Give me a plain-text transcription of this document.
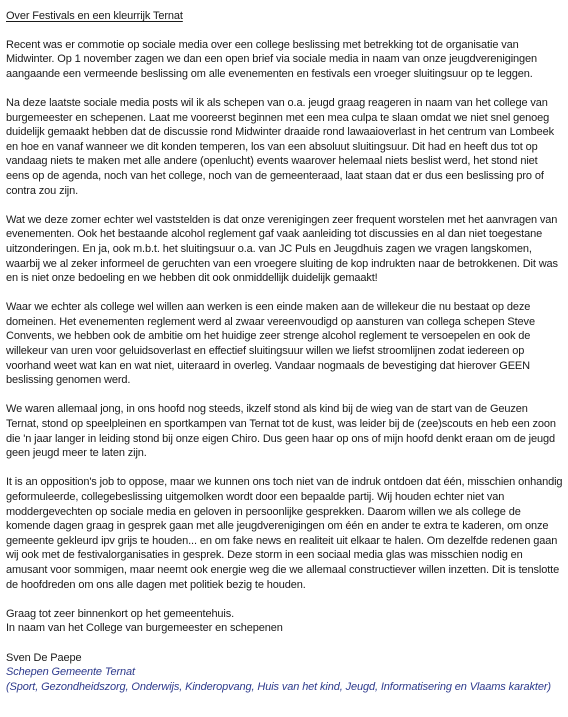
Over Festivals en een kleurrijk Ternat

Recent was er commotie op sociale media over een college beslissing met betrekking tot de organisatie van Midwinter. Op 1 november zagen we dan een open brief via sociale media in naam van onze jeugdverenigingen aangaande een vermeende beslissing om alle evenementen en festivals een vroeger sluitingsuur op te leggen.

Na deze laatste sociale media posts wil ik als schepen van o.a. jeugd graag reageren in naam van het college van burgemeester en schepenen. Laat me vooreerst beginnen met een mea culpa te slaan omdat we niet snel genoeg duidelijk gemaakt hebben dat de discussie rond Midwinter draaide rond lawaaioverlast in het centrum van Lombeek en hoe en vanaf wanneer we dit konden temperen, los van een absoluut sluitingsuur. Dit had en heeft dus tot op vandaag niets te maken met alle andere (openlucht) events waarover helemaal niets beslist werd, het stond niet eens op de agenda, noch van het college, noch van de gemeenteraad, laat staan dat er dus een beslissing pro of contra zou zijn.

Wat we deze zomer echter wel vaststelden is dat onze verenigingen zeer frequent worstelen met het aanvragen van evenementen. Ook het bestaande alcohol reglement gaf vaak aanleiding tot discussies en al dan niet toegestane uitzonderingen. En ja, ook m.b.t. het sluitingsuur o.a. van JC Puls en Jeugdhuis zagen we vragen langskomen, waarbij we al zeker informeel de geruchten van een vroegere sluiting de kop indrukten naar de betrokkenen. Dit was en is niet onze bedoeling en we hebben dit ook onmiddellijk duidelijk gemaakt!

Waar we echter als college wel willen aan werken is een einde maken aan de willekeur die nu bestaat op deze domeinen. Het evenementen reglement werd al zwaar vereenvoudigd op aansturen van collega schepen Steve Convents, we hebben ook de ambitie om het huidige zeer strenge alcohol reglement te versoepelen en ook de willekeur van uren voor geluidsoverlast en effectief sluitingsuur willen we liefst stroomlijnen zodat iedereen op voorhand weet wat kan en wat niet, uiteraard in overleg. Vandaar nogmaals de bevestiging dat hierover GEEN beslissing genomen werd.

We waren allemaal jong, in ons hoofd nog steeds, ikzelf stond als kind bij de wieg van de start van de Geuzen Ternat, stond op speelpleinen en sportkampen van Ternat tot de kust, was leider bij de (zee)scouts en heb een zoon die 'n jaar langer in leiding stond bij onze eigen Chiro. Dus geen haar op ons of mijn hoofd denkt eraan om de jeugd geen jeugd meer te laten zijn.

It is an opposition's job to oppose, maar we kunnen ons toch niet van de indruk ontdoen dat één, misschien onhandig geformuleerde, collegebeslissing uitgemolken wordt door een bepaalde partij. Wij houden echter niet van moddergevechten op sociale media en geloven in persoonlijke gesprekken. Daarom willen we als college de komende dagen graag in gesprek gaan met alle jeugdverenigingen om één en ander te extra te kaderen, om onze gemeente gekleurd ipv grijs te houden... en om fake news en realiteit uit elkaar te halen. Om dezelfde redenen gaan wij ook met de festivalorganisaties in gesprek. Deze storm in een sociaal media glas was misschien nodig en amusant voor sommigen, maar neemt ook energie weg die we allemaal constructiever willen inzetten. Dit is tenslotte de hoofdreden om ons alle dagen met politiek bezig te houden.

Graag tot zeer binnenkort op het gemeentehuis.
In naam van het College van burgemeester en schepenen
Sven De Paepe
Schepen Gemeente Ternat
(Sport, Gezondheidszorg, Onderwijs, Kinderopvang, Huis van het kind, Jeugd, Informatisering en Vlaams karakter)
